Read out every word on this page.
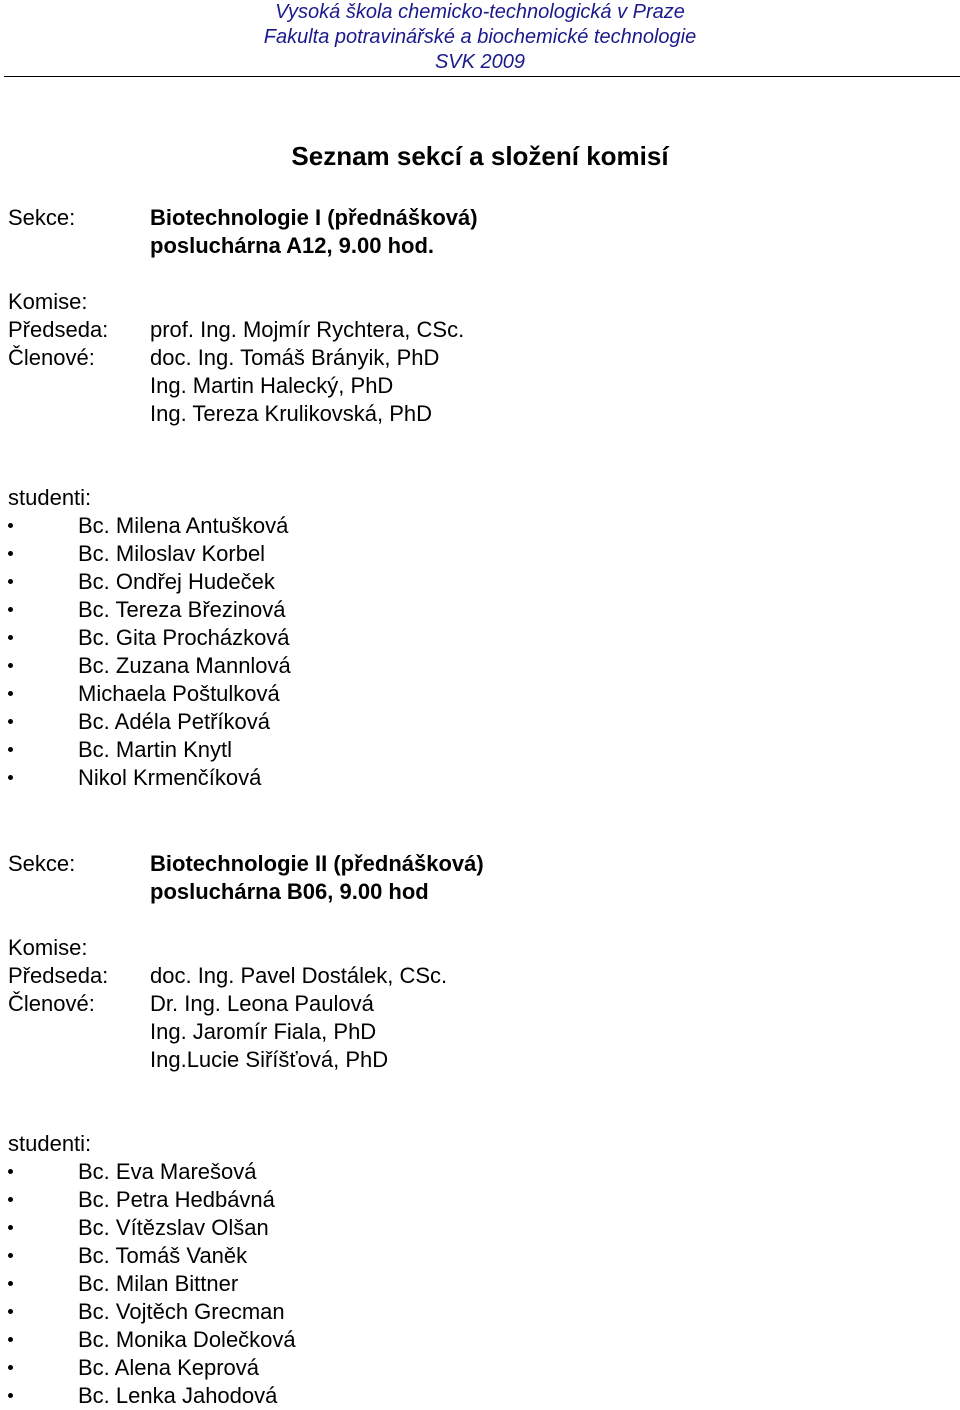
Vysoká škola chemicko-technologická v Praze
Fakulta potravinářské a biochemické technologie
SVK 2009
Seznam sekcí a složení komisí
Sekce:	Biotechnologie I (přednášková)
posluchárna A12, 9.00 hod.
Komise:
Předseda: prof. Ing. Mojmír Rychtera, CSc.
Členové:	doc. Ing. Tomáš Brányik, PhD
Ing. Martin Halecký, PhD
Ing. Tereza Krulikovská, PhD
studenti:
Bc. Milena Antušková
Bc. Miloslav Korbel
Bc. Ondřej Hudeček
Bc. Tereza Březinová
Bc. Gita Procházková
Bc. Zuzana Mannlová
Michaela Poštulková
Bc. Adéla Petříková
Bc. Martin Knytl
Nikol Krmenčíková
Sekce:	Biotechnologie II (přednášková)
posluchárna B06, 9.00 hod
Komise:
Předseda: doc. Ing. Pavel Dostálek, CSc.
Členové:	Dr. Ing. Leona Paulová
Ing. Jaromír Fiala, PhD
Ing.Lucie Siříšťová, PhD
studenti:
Bc. Eva Marešová
Bc. Petra Hedbávná
Bc. Vítězslav Olšan
Bc. Tomáš Vaněk
Bc. Milan Bittner
Bc. Vojtěch Grecman
Bc. Monika Dolečková
Bc. Alena Keprová
Bc. Lenka Jahodová
